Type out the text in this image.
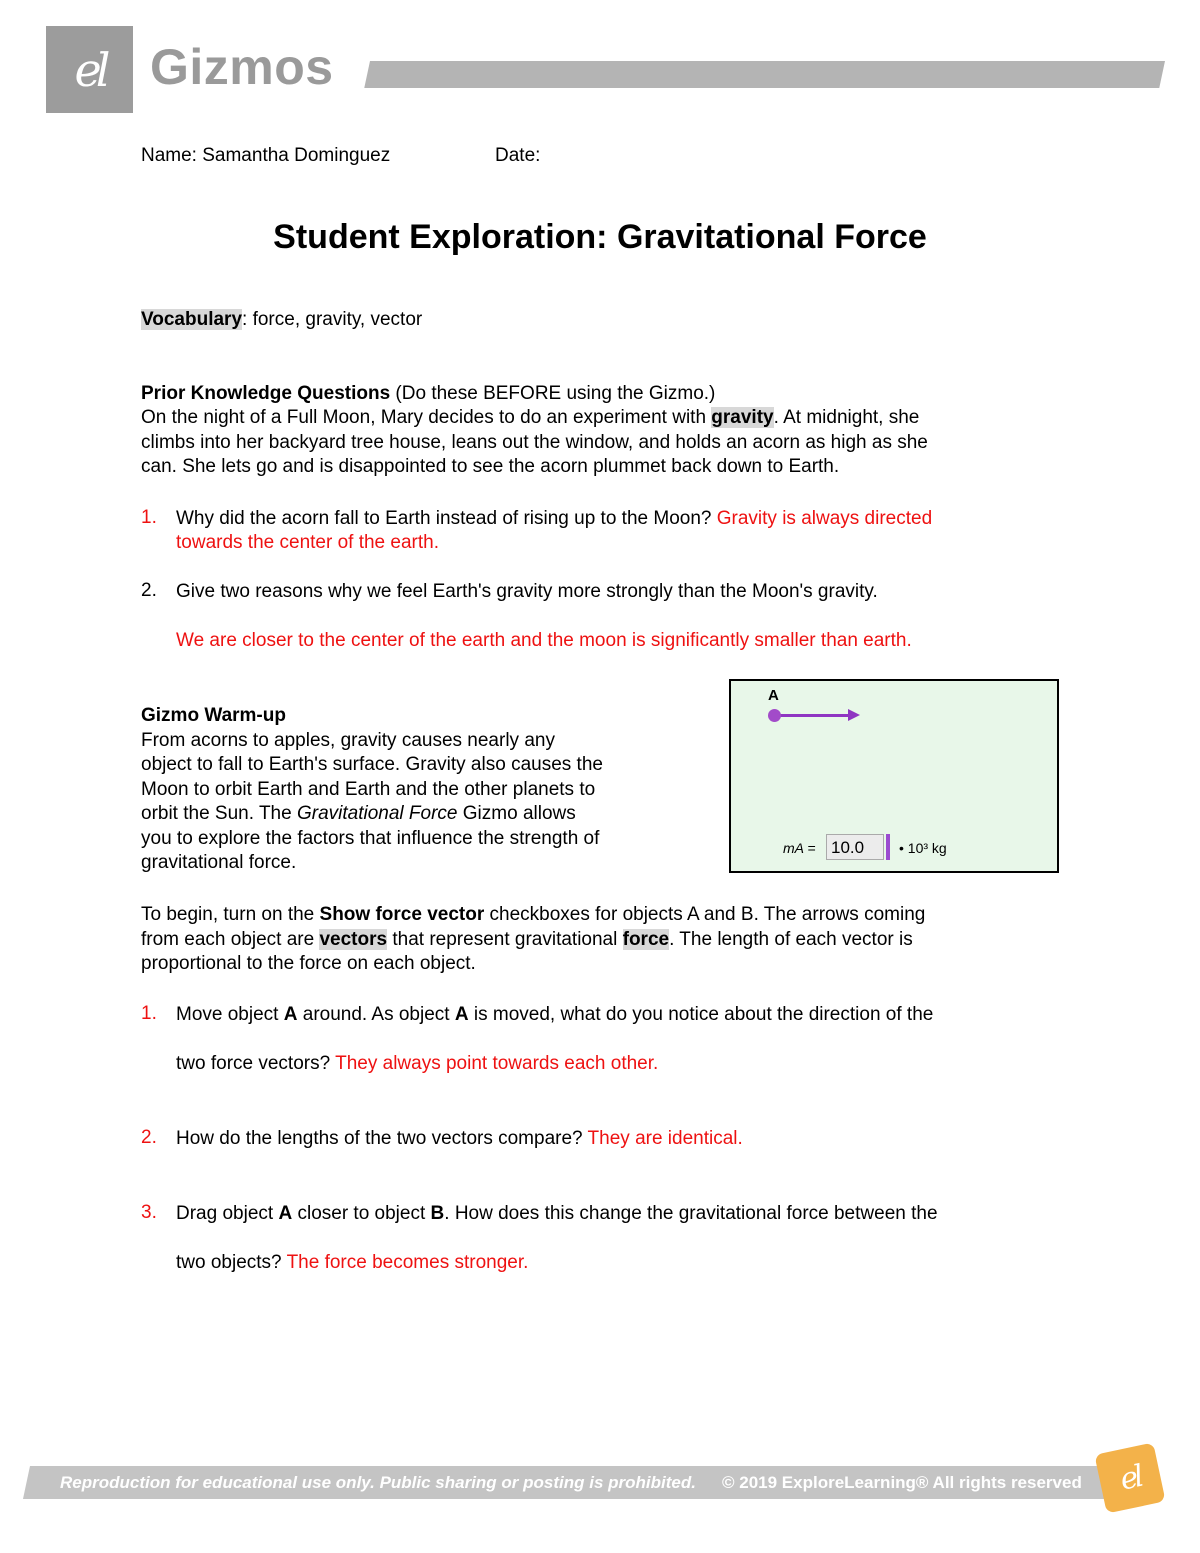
el Gizmos
Name: Samantha Dominguez	Date:
Student Exploration: Gravitational Force
Vocabulary: force, gravity, vector
Prior Knowledge Questions (Do these BEFORE using the Gizmo.)
On the night of a Full Moon, Mary decides to do an experiment with gravity. At midnight, she
climbs into her backyard tree house, leans out the window, and holds an acorn as high as she
can. She lets go and is disappointed to see the acorn plummet back down to Earth.
1. Why did the acorn fall to Earth instead of rising up to the Moon? Gravity is always directed
towards the center of the earth.
2. Give two reasons why we feel Earth's gravity more strongly than the Moon's gravity.
We are closer to the center of the earth and the moon is significantly smaller than earth.
Gizmo Warm-up
From acorns to apples, gravity causes nearly any
object to fall to Earth's surface. Gravity also causes the
Moon to orbit Earth and Earth and the other planets to
orbit the Sun. The Gravitational Force Gizmo allows
you to explore the factors that influence the strength of
gravitational force.
A
mA = 10.0	• 10³ kg
To begin, turn on the Show force vector checkboxes for objects A and B. The arrows coming
from each object are vectors that represent gravitational force. The length of each vector is
proportional to the force on each object.
1. Move object A around. As object A is moved, what do you notice about the direction of the
two force vectors? They always point towards each other.
2. How do the lengths of the two vectors compare? They are identical.
3. Drag object A closer to object B. How does this change the gravitational force between the
two objects? The force becomes stronger.
Reproduction for educational use only. Public sharing or posting is prohibited. © 2019 ExploreLearning® All rights reserved	el
